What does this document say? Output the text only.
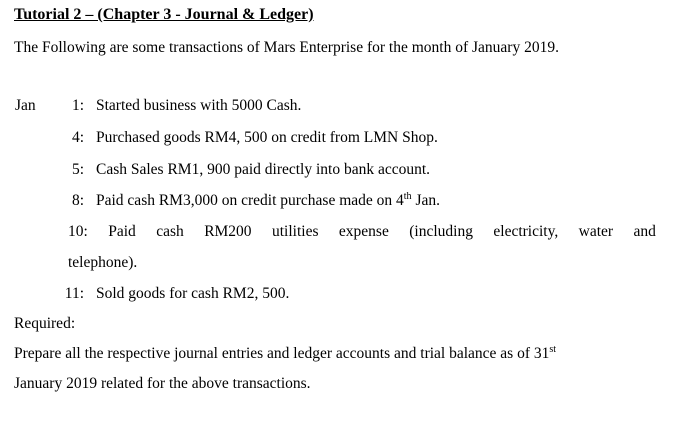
Tutorial 2 – (Chapter 3 - Journal & Ledger)
The Following are some transactions of Mars Enterprise for the month of January 2019.
Jan	1: Started business with 5000 Cash.
4: Purchased goods RM4, 500 on credit from LMN Shop.
5: Cash Sales RM1, 900 paid directly into bank account.
8: Paid cash RM3,000 on credit purchase made on 4th Jan.
10: Paid cash RM200 utilities expense (including electricity, water and
telephone).
11: Sold goods for cash RM2, 500.
Required:
Prepare all the respective journal entries and ledger accounts and trial balance as of 31st
January 2019 related for the above transactions.
